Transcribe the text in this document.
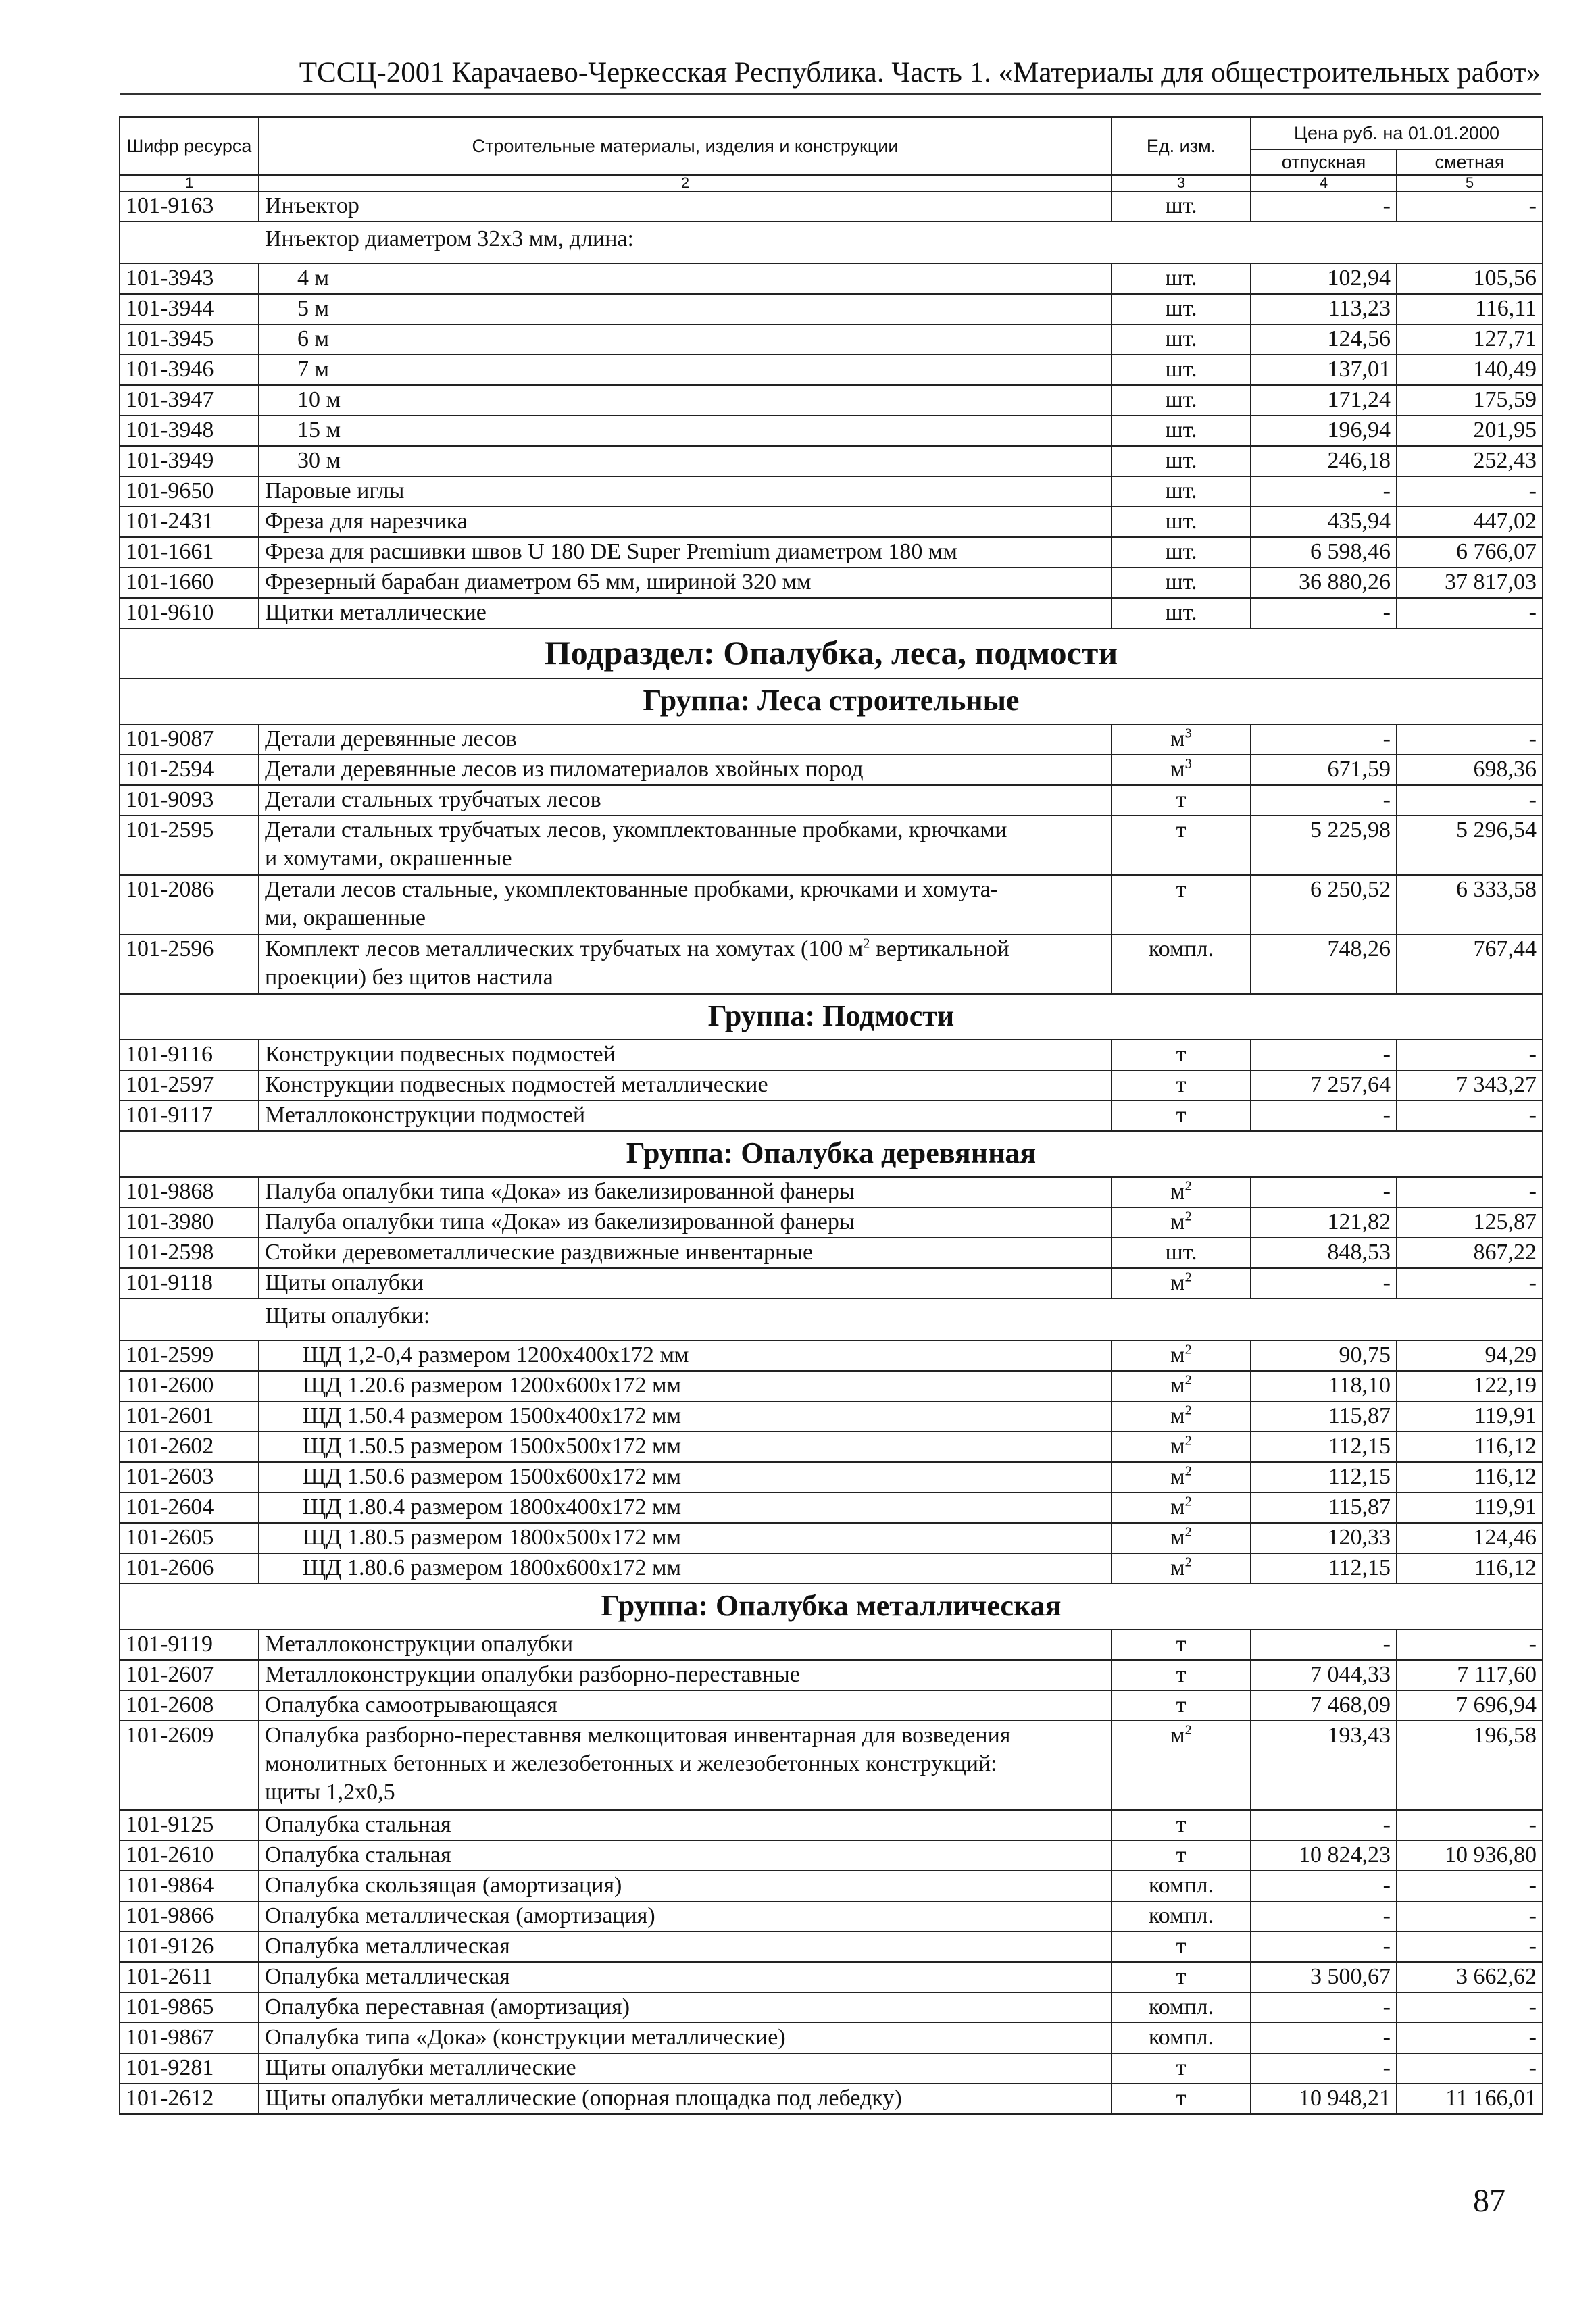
ТССЦ-2001 Карачаево-Черкесская Республика. Часть 1. «Материалы для общестроительных работ»
Шифр ресурса	Строительные материалы, изделия и конструкции	Ед. изм.	Цена руб. на 01.01.2000	
			отпускная	сметная
1	2	3	4	5
101-9163	Инъектор	шт.	-	-
Инъектор диаметром 32х3 мм, длина:				
101-3943	4 м	шт.	102,94	105,56
101-3944	5 м	шт.	113,23	116,11
101-3945	6 м	шт.	124,56	127,71
101-3946	7 м	шт.	137,01	140,49
101-3947	10 м	шт.	171,24	175,59
101-3948	15 м	шт.	196,94	201,95
101-3949	30 м	шт.	246,18	252,43
101-9650	Паровые иглы	шт.	-	-
101-2431	Фреза для нарезчика	шт.	435,94	447,02
101-1661	Фреза для расшивки швов U 180 DE Super Premium диаметром 180 мм	шт.	6 598,46	6 766,07
101-1660	Фрезерный барабан диаметром 65 мм, шириной 320 мм	шт.	36 880,26	37 817,03
101-9610	Щитки металлические	шт.	-	-
Подраздел: Опалубка, леса, подмости				
Группа: Леса строительные				
101-9087	Детали деревянные лесов	$м^3$	-	-
101-2594	Детали деревянные лесов из пиломатериалов хвойных пород	$м^3$	671,59	698,36
101-9093	Детали стальных трубчатых лесов	т	-	-
101-2595	Детали стальных трубчатых лесов, укомплектованные пробками, крючками
и хомутами, окрашенные	т	5 225,98	5 296,54
101-2086	Детали лесов стальные, укомплектованные пробками, крючками и хомута-
ми, окрашенные	т	6 250,52	6 333,58
101-2596	Комплект лесов металлических трубчатых на хомутах (100 $м^2$ вертикальной
проекции) без щитов настила	компл.	748,26	767,44
Группа: Подмости				
101-9116	Конструкции подвесных подмостей	т	-	-
101-2597	Конструкции подвесных подмостей металлические	т	7 257,64	7 343,27
101-9117	Металлоконструкции подмостей	т	-	-
Группа: Опалубка деревянная				
101-9868	Палуба опалубки типа «Дока» из бакелизированной фанеры	$м^2$	-	-
101-3980	Палуба опалубки типа «Дока» из бакелизированной фанеры	$м^2$	121,82	125,87
101-2598	Стойки деревометаллические раздвижные инвентарные	шт.	848,53	867,22
101-9118	Щиты опалубки	$м^2$	-	-
Щиты опалубки:				
101-2599	ЩД 1,2-0,4 размером 1200х400х172 мм	$м^2$	90,75	94,29
101-2600	ЩД 1.20.6 размером 1200х600х172 мм	$м^2$	118,10	122,19
101-2601	ЩД 1.50.4 размером 1500х400х172 мм	$м^2$	115,87	119,91
101-2602	ЩД 1.50.5 размером 1500х500х172 мм	$м^2$	112,15	116,12
101-2603	ЩД 1.50.6 размером 1500х600х172 мм	$м^2$	112,15	116,12
101-2604	ЩД 1.80.4 размером 1800х400х172 мм	$м^2$	115,87	119,91
101-2605	ЩД 1.80.5 размером 1800х500х172 мм	$м^2$	120,33	124,46
101-2606	ЩД 1.80.6 размером 1800х600х172 мм	$м^2$	112,15	116,12
Группа: Опалубка металлическая				
101-9119	Металлоконструкции опалубки	т	-	-
101-2607	Металлоконструкции опалубки разборно-переставные	т	7 044,33	7 117,60
101-2608	Опалубка самоотрывающаяся	т	7 468,09	7 696,94
101-2609	Опалубка разборно-переставнвя мелкощитовая инвентарная для возведения
монолитных бетонных и железобетонных и железобетонных конструкций:
щиты 1,2х0,5	$м^2$	193,43	196,58
101-9125	Опалубка стальная	т	-	-
101-2610	Опалубка стальная	т	10 824,23	10 936,80
101-9864	Опалубка скользящая (амортизация)	компл.	-	-
101-9866	Опалубка металлическая (амортизация)	компл.	-	-
101-9126	Опалубка металлическая	т	-	-
101-2611	Опалубка металлическая	т	3 500,67	3 662,62
101-9865	Опалубка переставная (амортизация)	компл.	-	-
101-9867	Опалубка типа «Дока» (конструкции металлические)	компл.	-	-
101-9281	Щиты опалубки металлические	т	-	-
101-2612	Щиты опалубки металлические (опорная площадка под лебедку)	т	10 948,21	11 166,01
87
